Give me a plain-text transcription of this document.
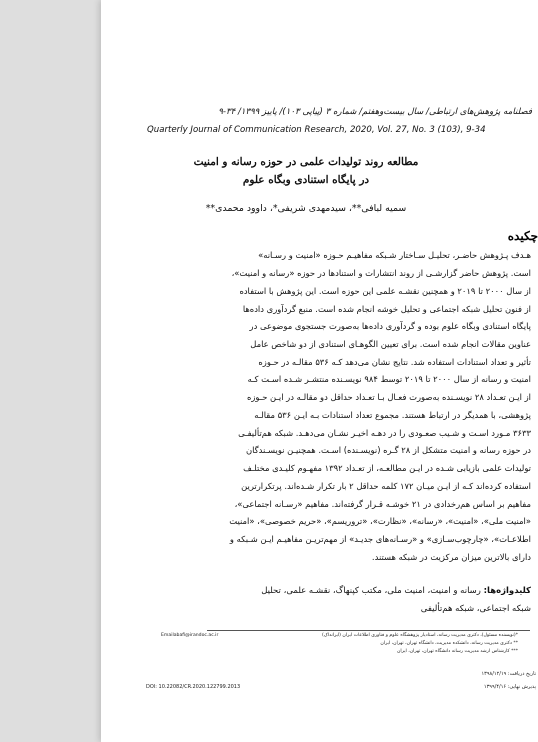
فصلنامه پژوهش‌های ارتباطی/ سال بیست‌وهفتم/ شماره ۳ (پیاپی ۱۰۳)/ پاییز ۱۳۹۹/ ۳۴-۹
Quarterly Journal of Communication Research, 2020, Vol. 27, No. 3 (103), 9-34
مطالعه روند تولیدات علمی در حوزه رسانه و امنیت
در پایگاه استنادی وبگاه علوم
سمیه لبافی**، سیدمهدی شریفی*، داوود محمدی**
چکیده
هـدف پـژوهش حاضـر، تحلیـل سـاختار شـبکه مفاهیـم حـوزه «امنیت و رسـانه»
است. پژوهش حاضر گزارشـی از روند انتشارات و استنادها در حوزه «رسانه و امنیت»،
از سال ۲۰۰۰ تا ۲۰۱۹ و همچنین نقشـه علمی این حوزه است. این پژوهش با استفاده
از فنون تحلیل شبکه اجتماعی و تحلیل خوشه انجام شده است. منبع گردآوری داده‌ها
پایگاه استنادی وبگاه علوم بوده و گردآوری داده‌ها به‌صورت جستجوی موضوعی در
عناوین مقالات انجام شده است. برای تعیین الگوهـای استنادی از دو شاخص عامل
تأثیر و تعداد استنادات استفاده شد. نتایج نشان می‌دهد کـه ۵۳۶ مقالـه در حـوزه
امنیت و رسانه از سال ۲۰۰۰ تا ۲۰۱۹ توسط ۹۸۴ نویسـنده منتشـر شـده اسـت کـه
از ایـن تعـداد ۲۸ نویسـنده به‌صورت فعـال بـا تعـداد حداقل دو مقالـه در ایـن حـوزه
پژوهشی، با همدیگر در ارتباط هستند. مجموع تعداد استنادات بـه ایـن ۵۳۶ مقالـه
۳۶۳۳ مـورد اسـت و شـیب صعـودی را در دهـه اخیـر نشـان می‌دهـد. شبکه هم‌تألیفـی
در حوزه رسانه و امنیت متشکل از ۲۸ گـره (نویسـنده) اسـت. همچنیـن نویسـندگان
تولیدات علمی بازیابی شـده در ایـن مطالعـه، از تعـداد ۱۳۹۲ مفهـوم کلیـدی مختلـف
استفاده کرده‌اند کـه از ایـن میـان ۱۷۲ کلمه حداقل ۲ بار تکرار شـده‌اند. پرتکرارترین
مفاهیم بر اساس هم‌رخدادی در ۲۱ خوشـه قـرار گرفته‌اند. مفاهیم «رسـانه اجتماعی»،
«امنیت ملی»، «امنیت»، «رسانه»، «نظارت»، «تروریسم»، «حریم خصوصی»، «امنیت
اطلاعـات»، «چارچوب‌سـازی» و «رسـانه‌های جدیـد» از مهم‌تریـن مفاهیـم ایـن شـبکه و
دارای بالاترین میزان مرکزیت در شبکه هستند.
کلیدواژه‌ها: رسانه و امنیت، امنیت ملی، مکتب کپنهاگ، نقشـه علمی، تحلیل
شبکه اجتماعی، شبکه هم‌تألیفی
*(نویسنده مسئول)، دکتری مدیریت رسانه، استادیار پژوهشگاه علوم و فناوری اطلاعات ایران (ایرانداک)
** دکتری مدیریت رسانه، دانشکده مدیریت، دانشگاه تهران، تهران، ایران
*** کارشناس ارشد مدیریت رسانه دانشگاه تهران، تهران، ایران
Emailabafi@irandoc.ac.ir
تاریخ دریافت: ۱۳۹۸/۱۲/۱۹
پذیرش نهایی: ۱۳۹۹/۴/۱۶
DOI: 10.22082/CR.2020.122799.2013
